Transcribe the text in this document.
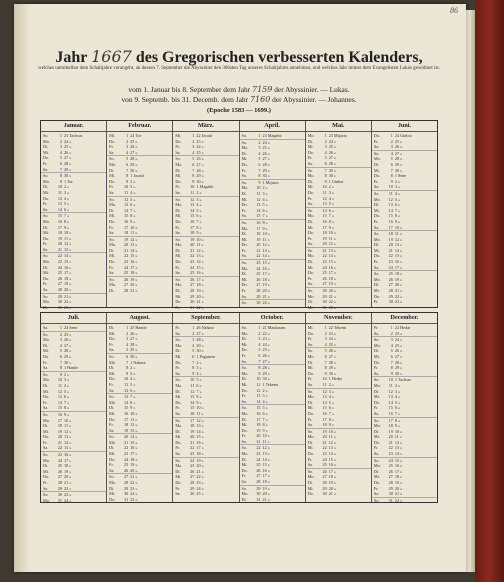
86
Jahr 1667 des Gregorischen verbesserten Kalenders,
welches unmittelbar dem Schaltjahre vorangeht, an dessen 7. September die Abyssinier den 366sten Tag unseres Schaltjahres annehmen, und welches Jahr immer dem Evangelisten Lukas gewidmet ist.
vom 1. Januar bis 8. September dem Jahr 7159 der Abyssinier. — Lukas.
von 9. Septemb. bis 31. Decemb. dem Jahr 7160 der Abyssinier. — Johannes.
(Epoche 1583 — 1699.)
Januar.
So.	1 23 Tachsas
Mo. 2 24 »
Di.	3 25 »
Mi.	4 26 »
Do.	5 27 »
Fr.	6 28 »
Sa.	7 29 »
So.	8 30 »
Mo. 9 1 Tor
Di. 10 2 »
Mi. 11 3 »
Do. 12 4 »
Fr. 13 5 »
Sa. 14 6 »
So. 15 7 »
Mo. 16 8 »
Di. 17 9 »
Mi. 18 10 »
Do. 19 11 »
Fr. 20 12 »
Sa. 21 13 »
So. 22 14 »
Mo. 23 15 »
Di. 24 16 »
Mi. 25 17 »
Do. 26 18 »
Fr. 27 19 »
Sa. 28 20 »
So. 29 21 »
Mo. 30 22 »
Di. 31 23 »
Februar.
Mi.	1 24 Tor
Do.	2 25 »
Fr.	3 26 »
Sa.	4 27 »
So.	5 28 »
Mo. 6 29 »
Di.	7 30 »
Mi.	8 1 Jacatit
Do.	9 2 »
Fr. 10 3 »
Sa. 11 4 »
So. 12 5 »
Mo. 13 6 »
Di. 14 7 »
Mi. 15 8 »
Do. 16 9 »
Fr. 17 10 »
Sa. 18 11 »
So. 19 12 »
Mo. 20 13 »
Di. 21 14 »
Mi. 22 15 »
Do. 23 16 »
Fr. 24 17 »
Sa. 25 18 »
So. 26 19 »
Mo. 27 20 »
Di. 28 21 »
März.
Mi.	1 22 Jacatit
Do.	2 23 »
Fr.	3 24 »
Sa.	4 25 »
So.	5 26 »
Mo. 6 27 »
Di.	7 28 »
Mi.	8 29 »
Do.	9 30 »
Fr. 10 1 Magabit
Sa. 11 2 »
So. 12 3 »
Mo. 13 4 »
Di. 14 5 »
Mi. 15 6 »
Do. 16 7 »
Fr. 17 8 »
Sa. 18 9 »
So. 19 10 »
Mo. 20 11 »
Di. 21 12 »
Mi. 22 13 »
Do. 23 14 »
Fr. 24 15 »
Sa. 25 16 »
So. 26 17 »
Mo. 27 18 »
Di. 28 19 »
Mi. 29 20 »
Do. 30 21 »
Fr. 31 22 »
April.
Sa.	1 23 Magabit
So.	2 24 »
Mo. 3 25 »
Di.	4 26 »
Mi.	5 27 »
Do.	6 28 »
Fr.	7 29 »
Sa.	8 30 »
So.	9 1 Mijazia
Mo. 10 2 »
Di. 11 3 »
Mi. 12 4 »
Do. 13 5 »
Fr. 14 6 »
Sa. 15 7 »
So. 16 8 »
Mo. 17 9 »
Di. 18 10 »
Mi. 19 11 »
Do. 20 12 »
Fr. 21 13 »
Sa. 22 14 »
So. 23 15 »
Mo. 24 16 »
Di. 25 17 »
Mi. 26 18 »
Do. 27 19 »
Fr. 28 20 »
Sa. 29 21 »
So. 30 22 »
Mai.
Mo. 1 23 Mijazia
Di.	2 24 »
Mi.	3 25 »
Do.	4 26 »
Fr.	5 27 »
Sa.	6 28 »
So.	7 29 »
Mo. 8 30 »
Di.	9 1 Ginbot
Mi. 10 2 »
Do. 11 3 »
Fr. 12 4 »
Sa. 13 5 »
So. 14 6 »
Mo. 15 7 »
Di. 16 8 »
Mi. 17 9 »
Do. 18 10 »
Fr. 19 11 »
Sa. 20 12 »
So. 21 13 »
Mo. 22 14 »
Di. 23 15 »
Mi. 24 16 »
Do. 25 17 »
Fr. 26 18 »
Sa. 27 19 »
So. 28 20 »
Mo. 29 21 »
Di. 30 22 »
Mi. 31 23 »
Juni.
Do.	1 24 Ginbot
Fr.	2 25 »
Sa.	3 26 »
So.	4 27 »
Mo. 5 28 »
Di.	6 29 »
Mi.	7 30 »
Do.	8 1 Sene
Fr.	9 2 »
Sa. 10 3 »
So. 11 4 »
Mo. 12 5 »
Di. 13 6 »
Mi. 14 7 »
Do. 15 8 »
Fr. 16 9 »
Sa. 17 10 »
So. 18 11 »
Mo. 19 12 »
Di. 20 13 »
Mi. 21 14 »
Do. 22 15 »
Fr. 23 16 »
Sa. 24 17 »
So. 25 18 »
Mo. 26 19 »
Di. 27 20 »
Mi. 28 21 »
Do. 29 22 »
Fr. 30 23 »
Juli.
Sa.	1 24 Sene
So.	2 25 »
Mo. 3 26 »
Di.	4 27 »
Mi.	5 28 »
Do.	6 29 »
Fr.	7 30 »
Sa.	8 1 Hamle
So.	9 2 »
Mo. 10 3 »
Di. 11 4 »
Mi. 12 5 »
Do. 13 6 »
Fr. 14 7 »
Sa. 15 8 »
So. 16 9 »
Mo. 17 10 »
Di. 18 11 »
Mi. 19 12 »
Do. 20 13 »
Fr. 21 14 »
Sa. 22 15 »
So. 23 16 »
Mo. 24 17 »
Di. 25 18 »
Mi. 26 19 »
Do. 27 20 »
Fr. 28 21 »
Sa. 29 22 »
So. 30 23 »
Mo. 31 24 »
August.
Di.	1 25 Hamle
Mi.	2 26 »
Do.	3 27 »
Fr.	4 28 »
Sa.	5 29 »
So.	6 30 »
Mo. 7 1 Nahase
Di.	8 2 »
Mi.	9 3 »
Do. 10 4 »
Fr. 11 5 »
Sa. 12 6 »
So. 13 7 »
Mo. 14 8 »
Di. 15 9 »
Mi. 16 10 »
Do. 17 11 »
Fr. 18 12 »
Sa. 19 13 »
So. 20 14 »
Mo. 21 15 »
Di. 22 16 »
Mi. 23 17 »
Do. 24 18 »
Fr. 25 19 »
Sa. 26 20 »
So. 27 21 »
Mo. 28 22 »
Di. 29 23 »
Mi. 30 24 »
Do. 31 25 »
September.
Fr.	1 26 Nahase
Sa.	2 27 »
So.	3 28 »
Mo. 4 29 »
Di.	5 30 »
Mi.	6 1 Pagumen
Do.	7 2 »
Fr.	8 3 »
Sa.	9 4 »
So. 10 5 »
Mo. 11 6 »
Di. 12 7 »
Mi. 13 8 »
Do. 14 9 »
Fr. 15 10 »
Sa. 16 11 »
So. 17 12 »
Mo. 18 13 »
Di. 19 14 »
Mi. 20 15 »
Do. 21 16 »
Fr. 22 17 »
Sa. 23 18 »
So. 24 19 »
Mo. 25 20 »
Di. 26 21 »
Mi. 27 22 »
Do. 28 23 »
Fr. 29 24 »
Sa. 30 25 »
October.
So.	1 21 Maskaram
Mo. 2 22 »
Di.	3 23 »
Mi.	4 24 »
Do.	5 25 »
Fr.	6 26 »
Sa.	7 27 »
So.	8 28 »
Mo. 9 29 »
Di. 10 30 »
Mi. 11 1 Tekemt
Do. 12 2 »
Fr. 13 3 »
Sa. 14 4 »
So. 15 5 »
Mo. 16 6 »
Di. 17 7 »
Mi. 18 8 »
Do. 19 9 »
Fr. 20 10 »
Sa. 21 11 »
So. 22 12 »
Mo. 23 13 »
Di. 24 14 »
Mi. 25 15 »
Do. 26 16 »
Fr. 27 17 »
Sa. 28 18 »
So. 29 19 »
Mo. 30 20 »
Di. 31 21 »
November.
Mi.	1 22 Tekemt
Do.	2 23 »
Fr.	3 24 »
Sa.	4 25 »
So.	5 26 »
Mo. 6 27 »
Di.	7 28 »
Mi.	8 29 »
Do.	9 30 »
Fr. 10 1 Hedar
Sa. 11 2 »
So. 12 3 »
Mo. 13 4 »
Di. 14 5 »
Mi. 15 6 »
Do. 16 7 »
Fr. 17 8 »
Sa. 18 9 »
So. 19 10 »
Mo. 20 11 »
Di. 21 12 »
Mi. 22 13 »
Do. 23 14 »
Fr. 24 15 »
Sa. 25 16 »
So. 26 17 »
Mo. 27 18 »
Di. 28 19 »
Mi. 29 20 »
Do. 30 21 »
December.
Fr.	1 22 Hedar
Sa.	2 23 »
So.	3 24 »
Mo. 4 25 »
Di.	5 26 »
Mi.	6 27 »
Do.	7 28 »
Fr.	8 29 »
Sa.	9 30 »
So. 10 1 Tachsas
Mo. 11 2 »
Di. 12 3 »
Mi. 13 4 »
Do. 14 5 »
Fr. 15 6 »
Sa. 16 7 »
So. 17 8 »
Mo. 18 9 »
Di. 19 10 »
Mi. 20 11 »
Do. 21 12 »
Fr. 22 13 »
Sa. 23 14 »
So. 24 15 »
Mo. 25 16 »
Di. 26 17 »
Mi. 27 18 »
Do. 28 19 »
Fr. 29 20 »
Sa. 30 21 »
So. 31 22 »
